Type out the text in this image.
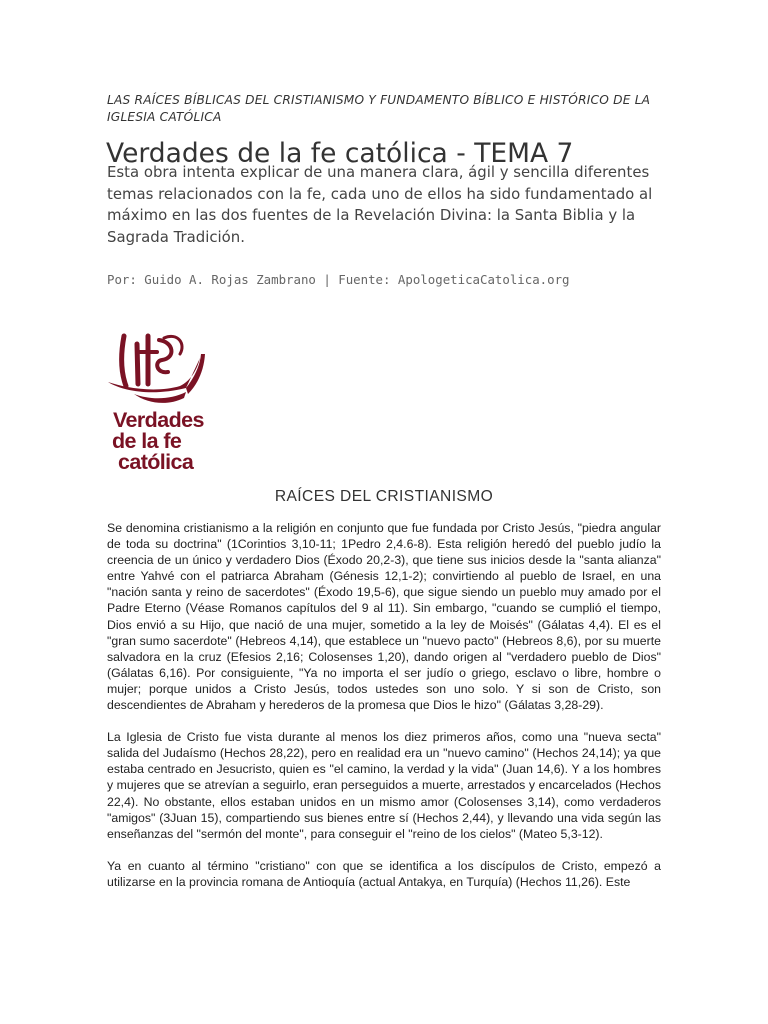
LAS RAÍCES BÍBLICAS DEL CRISTIANISMO Y FUNDAMENTO BÍBLICO E HISTÓRICO DE LA IGLESIA CATÓLICA
Verdades de la fe católica - TEMA 7
Esta obra intenta explicar de una manera clara, ágil y sencilla diferentes temas relacionados con la fe, cada uno de ellos ha sido fundamentado al máximo en las dos fuentes de la Revelación Divina: la Santa Biblia y la Sagrada Tradición.
Por: Guido A. Rojas Zambrano | Fuente: ApologeticaCatolica.org
Verdades
de la fe
católica
RAÍCES DEL CRISTIANISMO

Se denomina cristianismo a la religión en conjunto que fue fundada por Cristo Jesús, "piedra angular de toda su doctrina" (1Corintios 3,10-11; 1Pedro 2,4.6-8). Esta religión heredó del pueblo judío la creencia de un único y verdadero Dios (Éxodo 20,2-3), que tiene sus inicios desde la "santa alianza" entre Yahvé con el patriarca Abraham (Génesis 12,1-2); convirtiendo al pueblo de Israel, en una "nación santa y reino de sacerdotes" (Éxodo 19,5-6), que sigue siendo un pueblo muy amado por el Padre Eterno (Véase Romanos capítulos del 9 al 11). Sin embargo, "cuando se cumplió el tiempo, Dios envió a su Hijo, que nació de una mujer, sometido a la ley de Moisés" (Gálatas 4,4). El es el "gran sumo sacerdote" (Hebreos 4,14), que establece un "nuevo pacto" (Hebreos 8,6), por su muerte salvadora en la cruz (Efesios 2,16; Colosenses 1,20), dando origen al "verdadero pueblo de Dios" (Gálatas 6,16). Por consiguiente, "Ya no importa el ser judío o griego, esclavo o libre, hombre o mujer; porque unidos a Cristo Jesús, todos ustedes son uno solo. Y si son de Cristo, son descendientes de Abraham y herederos de la promesa que Dios le hizo" (Gálatas 3,28-29).

La Iglesia de Cristo fue vista durante al menos los diez primeros años, como una "nueva secta" salida del Judaísmo (Hechos 28,22), pero en realidad era un "nuevo camino" (Hechos 24,14); ya que estaba centrado en Jesucristo, quien es "el camino, la verdad y la vida" (Juan 14,6). Y a los hombres y mujeres que se atrevían a seguirlo, eran perseguidos a muerte, arrestados y encarcelados (Hechos 22,4). No obstante, ellos estaban unidos en un mismo amor (Colosenses 3,14), como verdaderos "amigos" (3Juan 15), compartiendo sus bienes entre sí (Hechos 2,44), y llevando una vida según las enseñanzas del "sermón del monte", para conseguir el "reino de los cielos" (Mateo 5,3-12).

Ya en cuanto al término "cristiano" con que se identifica a los discípulos de Cristo, empezó a utilizarse en la provincia romana de Antioquía (actual Antakya, en Turquía) (Hechos 11,26). Este
